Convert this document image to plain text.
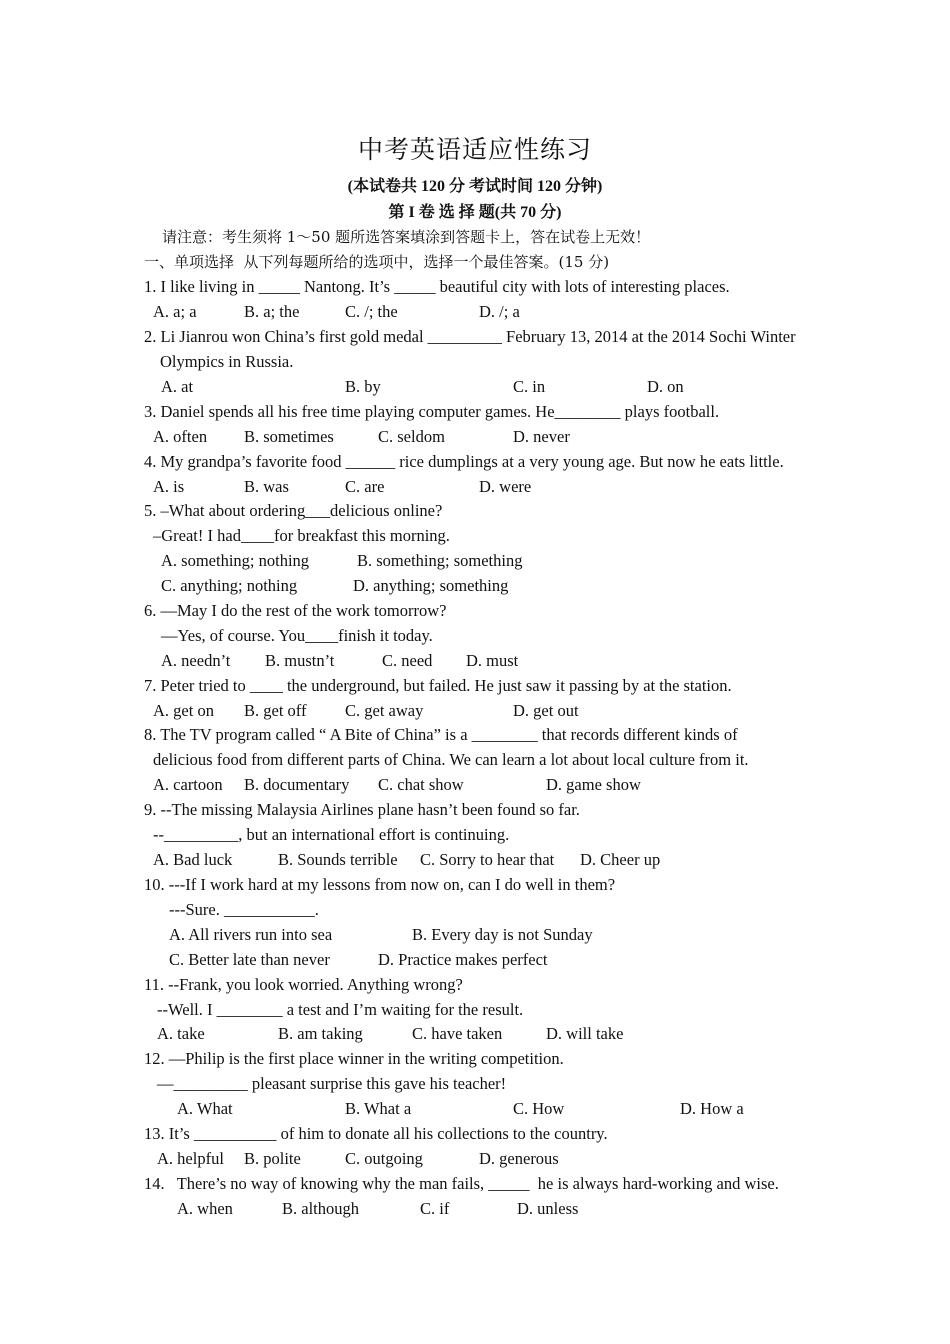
中考英语适应性练习
(本试卷共 120 分 考试时间 120 分钟)
第 I 卷 选 择 题(共 70 分)
请注意：考生须将 1～50 题所选答案填涂到答题卡上，答在试卷上无效！
一、单项选择  从下列每题所给的选项中，选择一个最佳答案。(15 分)
1. I like living in _____ Nantong. It’s _____ beautiful city with lots of interesting places.
A. a; a	B. a; the	C. /; the	D. /; a
2. Li Jianrou won China’s first gold medal _________ February 13, 2014 at the 2014 Sochi Winter
Olympics in Russia.
A. at	B. by	C. in	D. on
3. Daniel spends all his free time playing computer games. He________ plays football.
A. often B. sometimes	C. seldom	D. never
4. My grandpa’s favorite food ______ rice dumplings at a very young age. But now he eats little.
A. is	B. was	C. are	D. were
5. –What about ordering___delicious online?
–Great! I had____for breakfast this morning.
A. something; nothing	B. something; something
C. anything; nothing	D. anything; something
6. —May I do the rest of the work tomorrow?
—Yes, of course. You____finish it today.
A. needn’t B. mustn’t	C. need D. must
7. Peter tried to ____ the underground, but failed. He just saw it passing by at the station.
A. get on B. get off C. get away	D. get out
8. The TV program called “ A Bite of China” is a ________ that records different kinds of
delicious food from different parts of China. We can learn a lot about local culture from it.
A. cartoon B. documentary C. chat show	D. game show
9. --The missing Malaysia Airlines plane hasn’t been found so far.
--_________, but an international effort is continuing.
A. Bad luck	B. Sounds terrible C. Sorry to hear that D. Cheer up
10. ---If I work hard at my lessons from now on, can I do well in them?
---Sure. ___________.
A. All rivers run into sea	B. Every day is not Sunday
C. Better late than never	D. Practice makes perfect
11. --Frank, you look worried. Anything wrong?
--Well. I ________ a test and I’m waiting for the result.
A. take	B. am taking	C. have taken	D. will take
12. —Philip is the first place winner in the writing competition.
—_________ pleasant surprise this gave his teacher!
A. What	B. What a	C. How	D. How a
13. It’s __________ of him to donate all his collections to the country.
A. helpful B. polite	C. outgoing	D. generous
14.   There’s no way of knowing why the man fails, _____  he is always hard-working and wise.
A. when	B. although	C. if	D. unless
